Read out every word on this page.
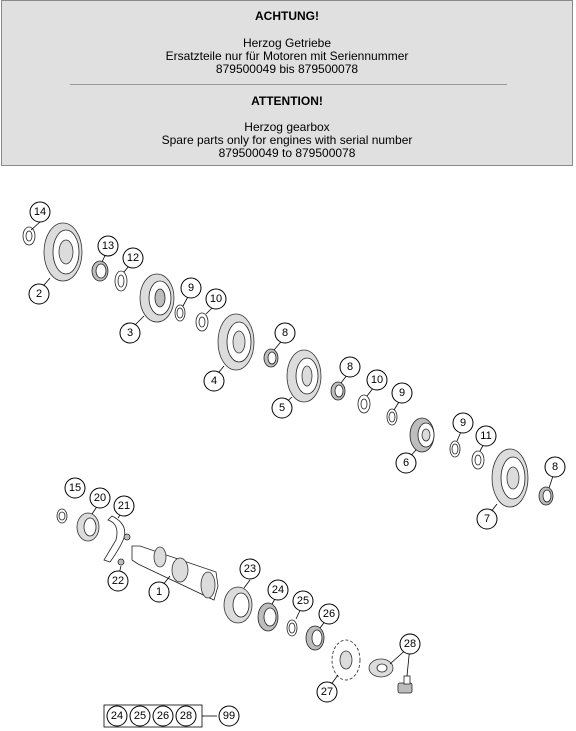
ACHTUNG!
Herzog Getriebe
Ersatzteile nur für Motoren mit Seriennummer
879500049 bis 879500078
ATTENTION!
Herzog gearbox
Spare parts only for engines with serial number
879500049 to 879500078
14
13
12
2	9
10
3	8
4
8
10
5
9
9
11
6	8
7
15
20
21
22
1
23
24
25
26
28
27
24 25 26 28	99
